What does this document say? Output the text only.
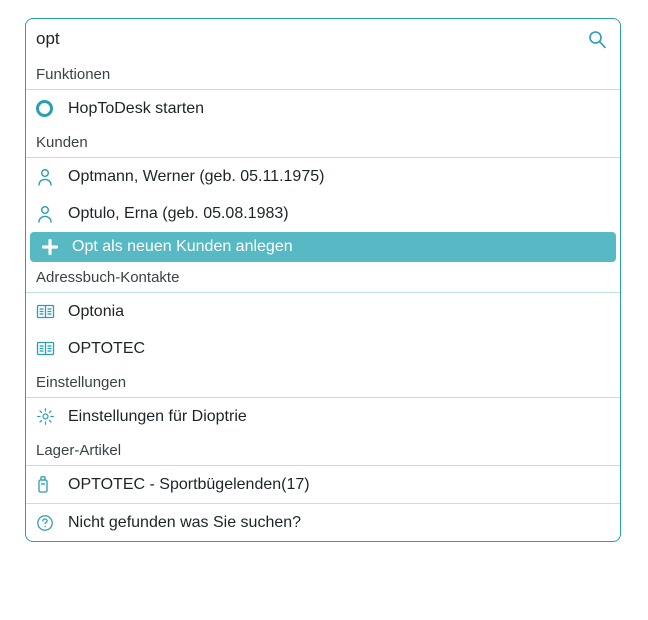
opt
Funktionen
HopToDesk starten
Kunden
Optmann, Werner (geb. 05.11.1975)
Optulo, Erna (geb. 05.08.1983)
Opt als neuen Kunden anlegen
Adressbuch-Kontakte
Optonia
OPTOTEC
Einstellungen
Einstellungen für Dioptrie
Lager-Artikel
OPTOTEC - Sportbügelenden(17)
Nicht gefunden was Sie suchen?
